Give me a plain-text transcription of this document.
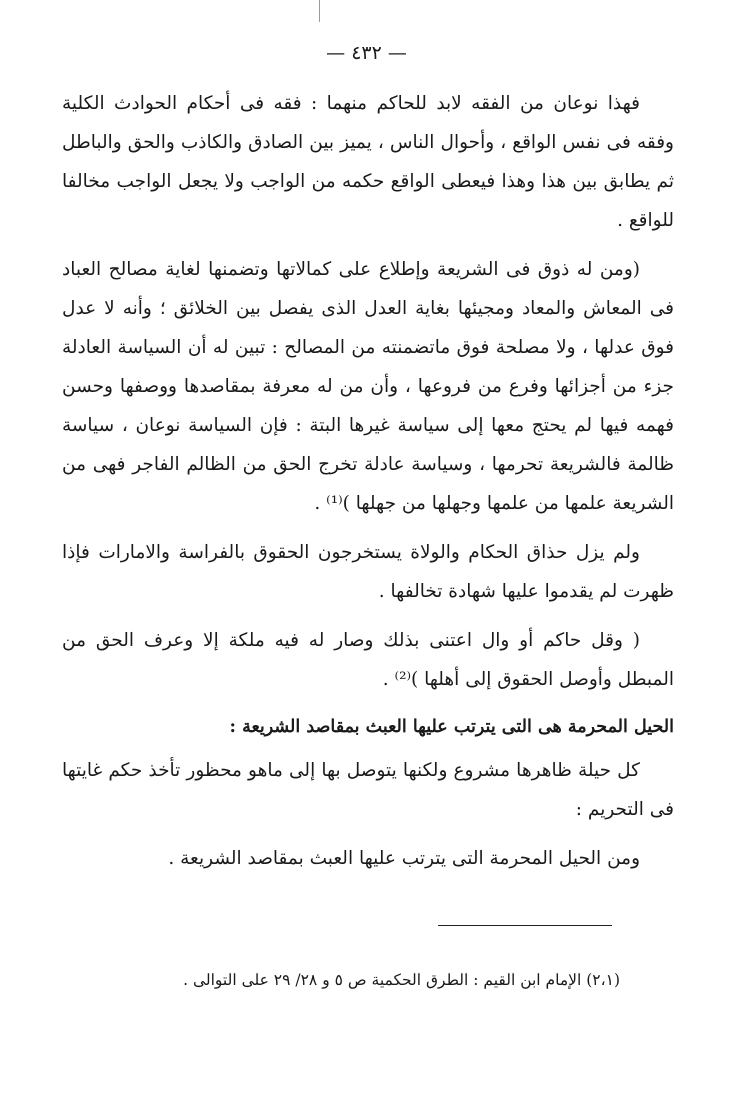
— ٤٣٢ —

فهذا نوعان من الفقه لابد للحاكم منهما : فقه فى أحكام الحوادث الكلية وفقه فى نفس الواقع ، وأحوال الناس ، يميز بين الصادق والكاذب والحق والباطل ثم يطابق بين هذا وهذا فيعطى الواقع حكمه من الواجب ولا يجعل الواجب مخالفا للواقع .

(ومن له ذوق فى الشريعة وإطلاع على كمالاتها وتضمنها لغاية مصالح العباد فى المعاش والمعاد ومجيئها بغاية العدل الذى يفصل بين الخلائق ؛ وأنه لا عدل فوق عدلها ، ولا مصلحة فوق ماتضمنته من المصالح : تبين له أن السياسة العادلة جزء من أجزائها وفرع من فروعها ، وأن من له معرفة بمقاصدها ووصفها وحسن فهمه فيها لم يحتج معها إلى سياسة غيرها البتة : فإن السياسة نوعان ، سياسة ظالمة فالشريعة تحرمها ، وسياسة عادلة تخرج الحق من الظالم الفاجر فهى من الشريعة علمها من علمها وجهلها من جهلها )⁽¹⁾ .

ولم يزل حذاق الحكام والولاة يستخرجون الحقوق بالفراسة والامارات فإذا ظهرت لم يقدموا عليها شهادة تخالفها .

( وقل حاكم أو وال اعتنى بذلك وصار له فيه ملكة إلا وعرف الحق من المبطل وأوصل الحقوق إلى أهلها )⁽²⁾ .

الحيل المحرمة هى التى يترتب عليها العبث بمقاصد الشريعة :

كل حيلة ظاهرها مشروع ولكنها يتوصل بها إلى ماهو محظور تأخذ حكم غايتها فى التحريم :

ومن الحيل المحرمة التى يترتب عليها العبث بمقاصد الشريعة .

(٢،١) الإمام ابن القيم : الطرق الحكمية ص ٥ و ٢٨/ ٢٩ على التوالى .
